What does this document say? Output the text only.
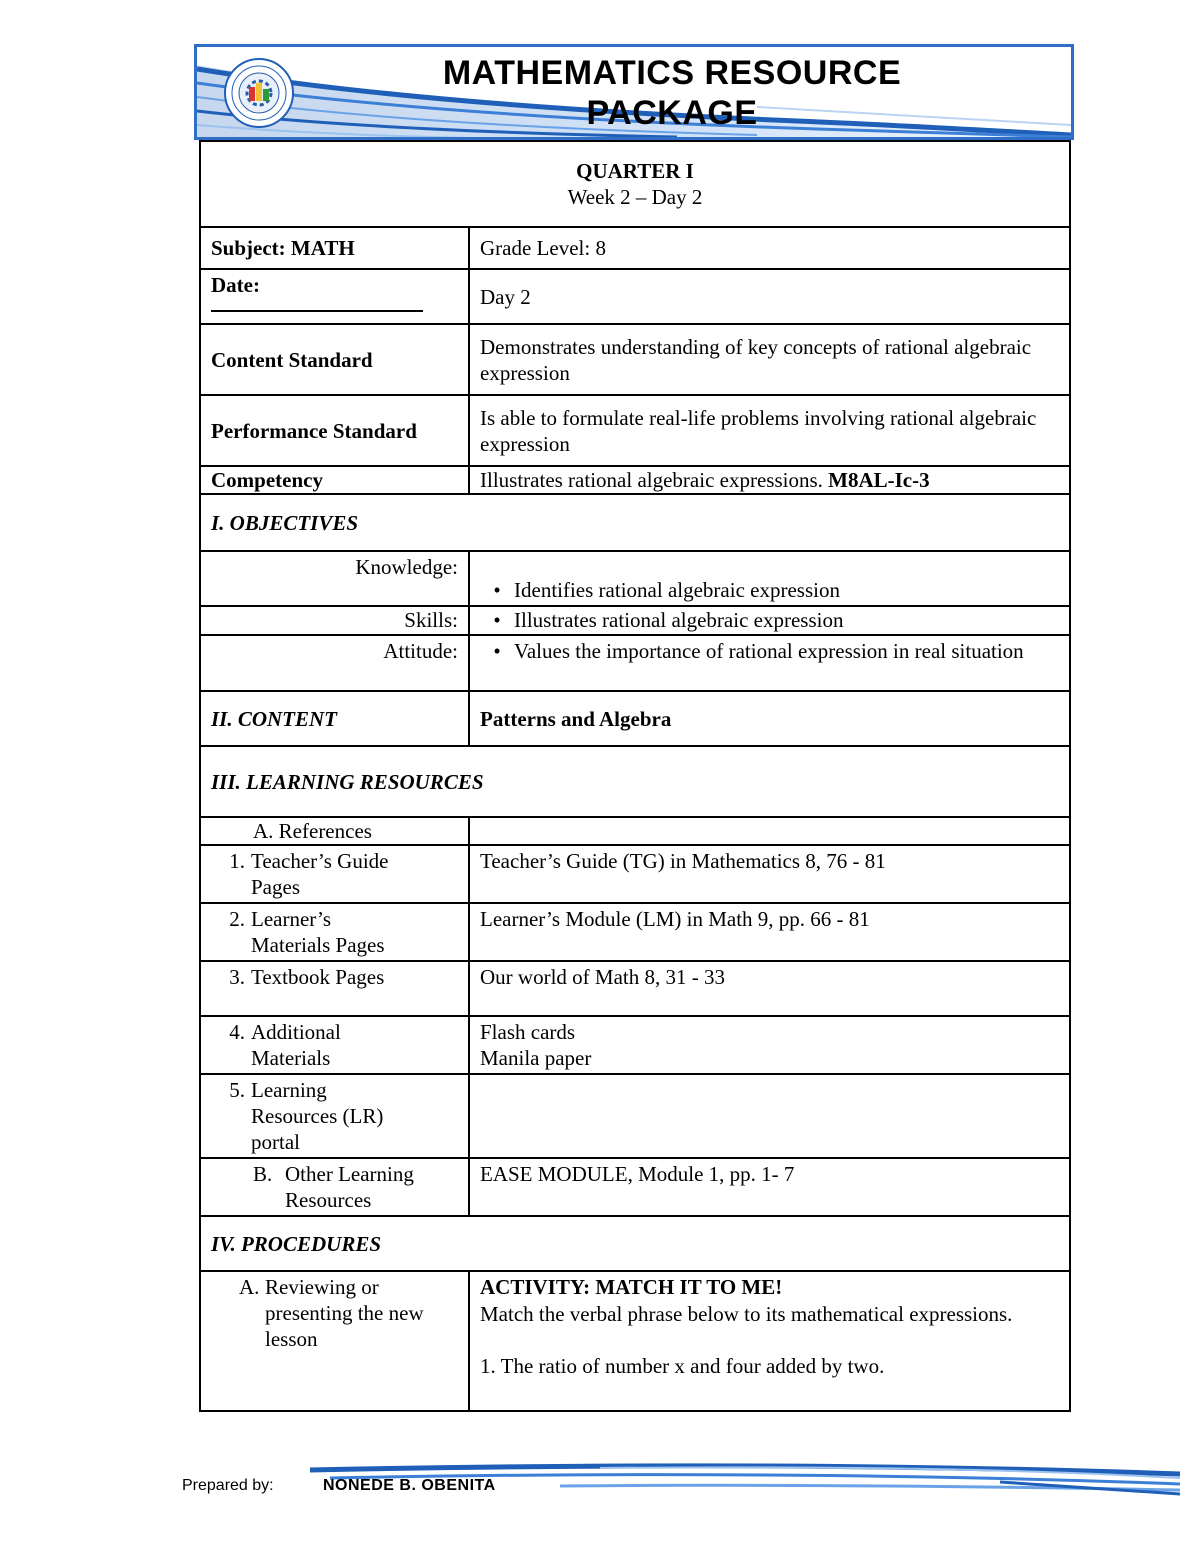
MATHEMATICS RESOURCE
PACKAGE
QUARTER I
Week 2 – Day 2	

Subject: MATH	Grade Level: 8
Date:	Day 2
Content Standard	Demonstrates understanding of key concepts of rational algebraic expression
Performance Standard	Is able to formulate real-life problems involving rational algebraic expression
Competency	Illustrates rational algebraic expressions. M8AL-Ic-3
I. OBJECTIVES	
Knowledge:	• Identifies rational algebraic expression
Skills:	• Illustrates rational algebraic expression
Attitude:	• Values the importance of rational expression in real situation
II. CONTENT	Patterns and Algebra
III. LEARNING RESOURCES	
A. References	
1. Teacher’s Guide Pages	Teacher’s Guide (TG) in Mathematics 8, 76 - 81
2. Learner’s Materials Pages	Learner’s Module (LM) in Math 9, pp. 66 - 81
3. Textbook Pages	Our world of Math 8, 31 - 33
4. Additional Materials	Flash cards
Manila paper

5. Learning Resources (LR) portal	
B. Other Learning Resources	EASE MODULE, Module 1, pp. 1- 7
IV. PROCEDURES	
A. Reviewing or presenting the new lesson	ACTIVITY: MATCH IT TO ME!
Match the verbal phrase below to its mathematical expressions.
1. The ratio of number x and four added by two.
Prepared by:	NONEDE B. OBENITA
